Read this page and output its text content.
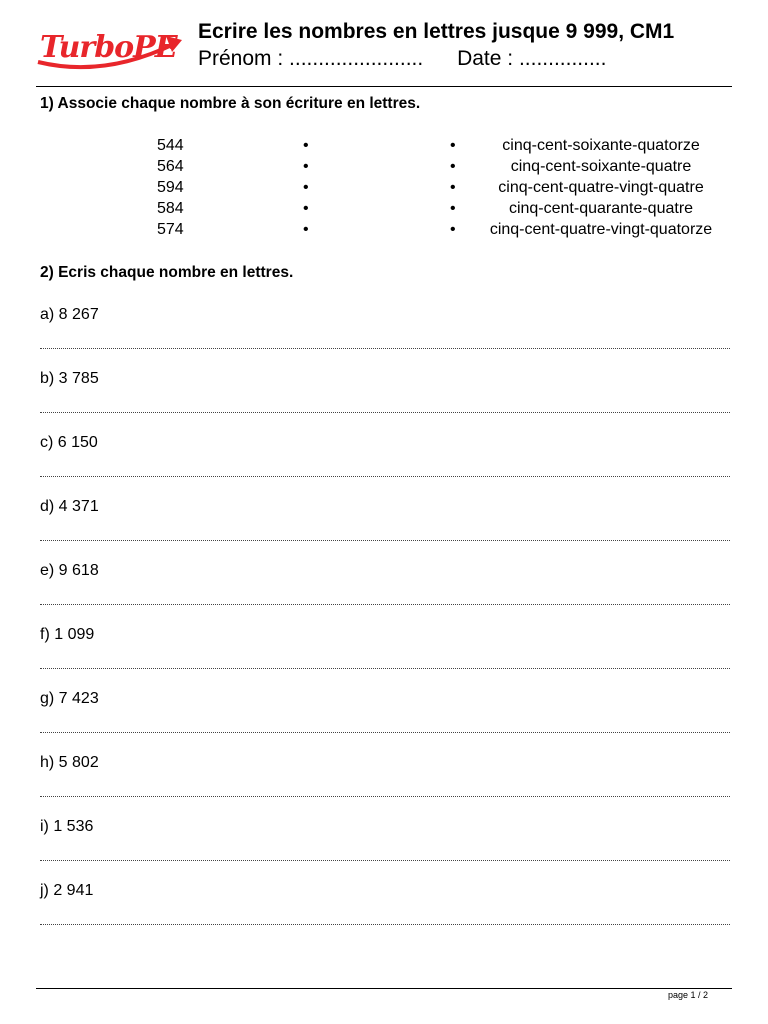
TurboPE Ecrire les nombres en lettres jusque 9 999, CM1
Prénom : ....................... Date : ...............
1) Associe chaque nombre à son écriture en lettres.
544	•	•	cinq-cent-soixante-quatorze
564	•	•	cinq-cent-soixante-quatre
594	•	•	cinq-cent-quatre-vingt-quatre
584	•	•	cinq-cent-quarante-quatre
574	•	•	cinq-cent-quatre-vingt-quatorze
2) Ecris chaque nombre en lettres.
a) 8 267
b) 3 785
c) 6 150
d) 4 371
e) 9 618
f) 1 099
g) 7 423
h) 5 802
i) 1 536
j) 2 941
page 1 / 2
